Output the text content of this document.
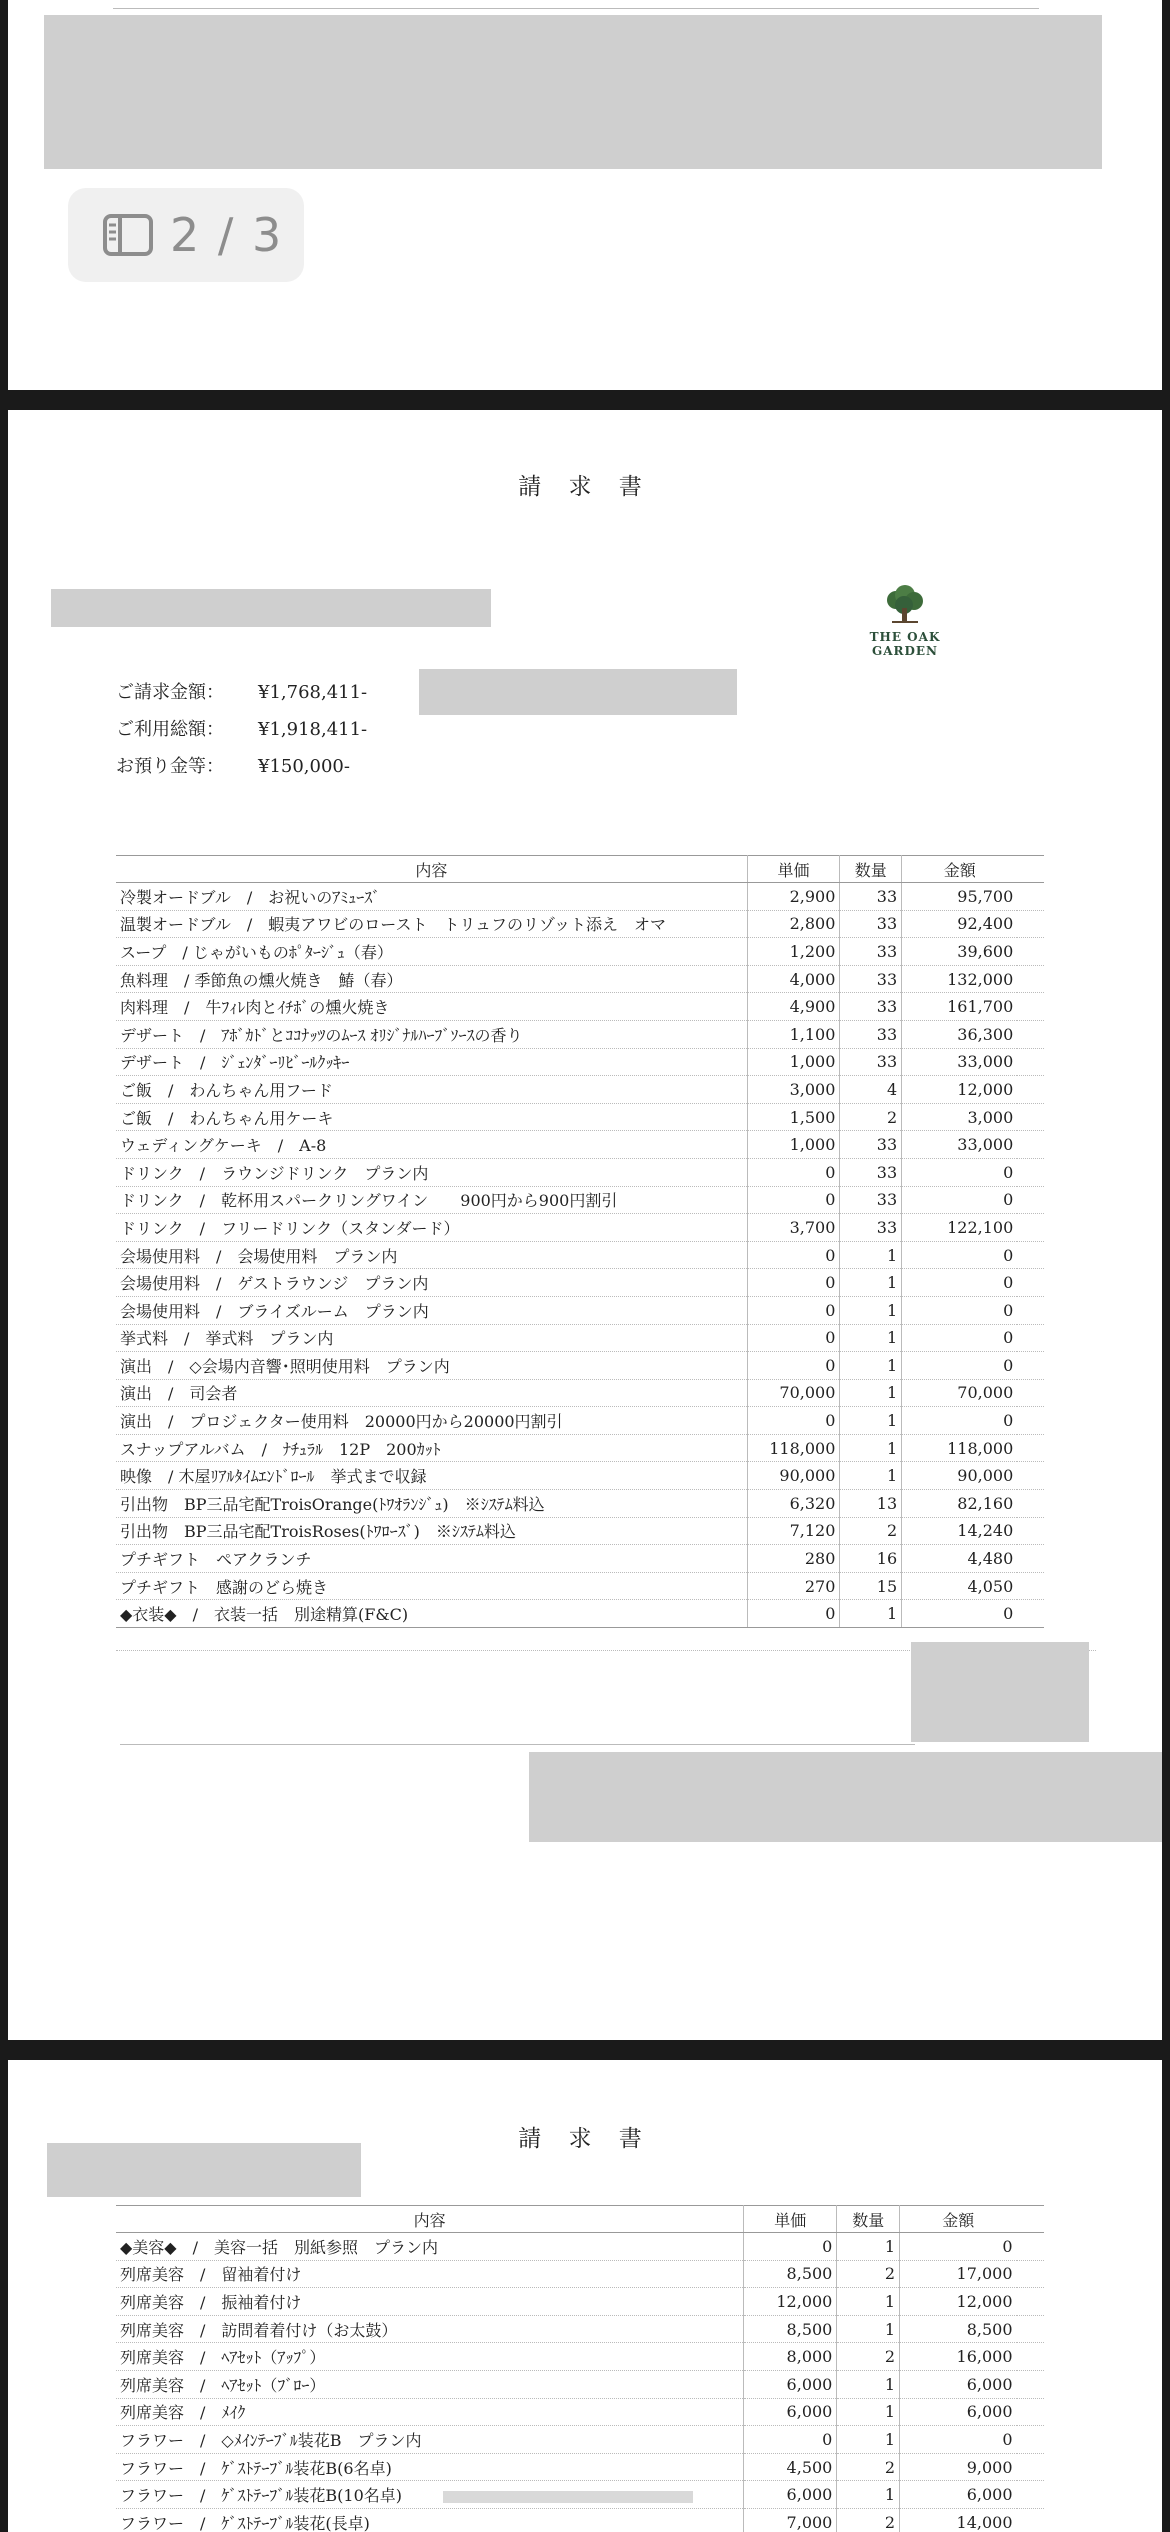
2 / 3
請 求 書
THE OAK GARDEN
ご請求金額：	¥1,768,411-
ご利用総額：	¥1,918,411-
お預り金等：	¥150,000-
内容	単価	数量	金額	
冷製オードブル　/　お祝いのｱﾐｭｰｽﾞ	2,900	33	95,700	
温製オードブル　/　蝦夷アワビのロースト　トリュフのリゾット添え　オマ	2,800	33	92,400	
スープ　/ じゃがいものﾎﾟﾀｰｼﾞｭ（春）	1,200	33	39,600	
魚料理　/ 季節魚の燻火焼き　鰆（春）	4,000	33	132,000	
肉料理　/　牛ﾌｨﾚ肉とｲﾁﾎﾞの燻火焼き	4,900	33	161,700	
デザート　/　ｱﾎﾞｶﾄﾞとｺｺﾅｯﾂのﾑｰｽ ｵﾘｼﾞﾅﾙﾊｰﾌﾞｿｰｽの香り	1,100	33	36,300	
デザート　/　ｼﾞｪﾝﾀﾞｰﾘﾋﾞｰﾙｸｯｷｰ	1,000	33	33,000	
ご飯　/　わんちゃん用フード	3,000	4	12,000	
ご飯　/　わんちゃん用ケーキ	1,500	2	3,000	
ウェディングケーキ　/　A-8	1,000	33	33,000	
ドリンク　/　ラウンジドリンク　プラン内	0	33	0	
ドリンク　/　乾杯用スパークリングワイン　　900円から900円割引	0	33	0	
ドリンク　/　フリードリンク（スタンダード）	3,700	33	122,100	
会場使用料　/　会場使用料　プラン内	0	1	0	
会場使用料　/　ゲストラウンジ　プラン内	0	1	0	
会場使用料　/　ブライズルーム　プラン内	0	1	0	
挙式料　/　挙式料　プラン内	0	1	0	
演出　/　◇会場内音響･照明使用料　プラン内	0	1	0	
演出　/　司会者	70,000	1	70,000	
演出　/　プロジェクター使用料　20000円から20000円割引	0	1	0	
スナップアルバム　/　ﾅﾁｭﾗﾙ　12P　200ｶｯﾄ	118,000	1	118,000	
映像　/ 木屋ﾘｱﾙﾀｲﾑｴﾝﾄﾞﾛｰﾙ　挙式まで収録	90,000	1	90,000	
引出物　BP三品宅配TroisOrange(ﾄﾜｵﾗﾝｼﾞｭ)　※ｼｽﾃﾑ料込	6,320	13	82,160	
引出物　BP三品宅配TroisRoses(ﾄﾜﾛｰｽﾞ)　※ｼｽﾃﾑ料込	7,120	2	14,240	
プチギフト　ペアクランチ	280	16	4,480	
プチギフト　感謝のどら焼き	270	15	4,050	
◆衣装◆　/　衣装一括　別途精算(F&C)	0	1	0	
請 求 書
内容	単価	数量	金額	
◆美容◆　/　美容一括　別紙参照　プラン内	0	1	0	
列席美容　/　留袖着付け	8,500	2	17,000	
列席美容　/　振袖着付け	12,000	1	12,000	
列席美容　/　訪問着着付け（お太鼓）	8,500	1	8,500	
列席美容　/　ﾍｱｾｯﾄ（ｱｯﾌﾟ）	8,000	2	16,000	
列席美容　/　ﾍｱｾｯﾄ（ﾌﾞﾛｰ）	6,000	1	6,000	
列席美容　/　ﾒｲｸ	6,000	1	6,000	
フラワー　/　◇ﾒｲﾝﾃｰﾌﾞﾙ装花B　プラン内	0	1	0	
フラワー　/　ｹﾞｽﾄﾃｰﾌﾞﾙ装花B(6名卓)	4,500	2	9,000	
フラワー　/　ｹﾞｽﾄﾃｰﾌﾞﾙ装花B(10名卓)	6,000	1	6,000	
フラワー　/　ｹﾞｽﾄﾃｰﾌﾞﾙ装花(長卓)	7,000	2	14,000	
